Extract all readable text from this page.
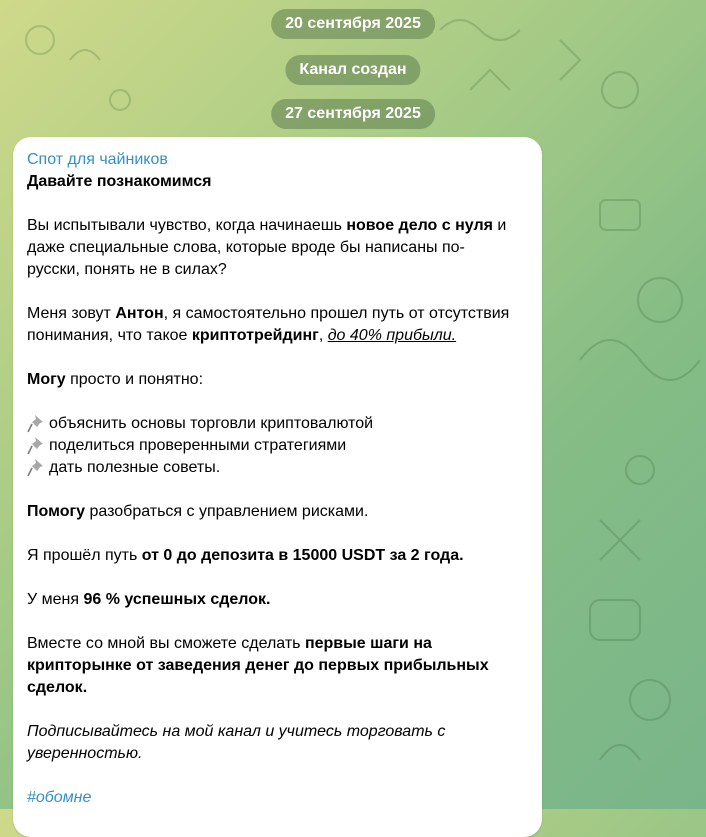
20 сентября 2025
Канал создан
27 сентября 2025
Спот для чайников
Давайте познакомимся

Вы испытывали чувство, когда начинаешь новое дело с нуля и
даже специальные слова, которые вроде бы написаны по-
русски, понять не в силах?

Меня зовут Антон, я самостоятельно прошел путь от отсутствия
понимания, что такое криптотрейдинг, до 40% прибыли.

Могу просто и понятно:

объяснить основы торговли криптовалютой
поделиться проверенными стратегиями
дать полезные советы.

Помогу разобраться с управлением рисками.

Я прошёл путь от 0 до депозита в 15000 USDT за 2 года.

У меня 96 % успешных сделок.

Вместе со мной вы сможете сделать первые шаги на
крипторынке от заведения денег до первых прибыльных
сделок.

Подписывайтесь на мой канал и учитесь торговать с
уверенностью.

#обомне
